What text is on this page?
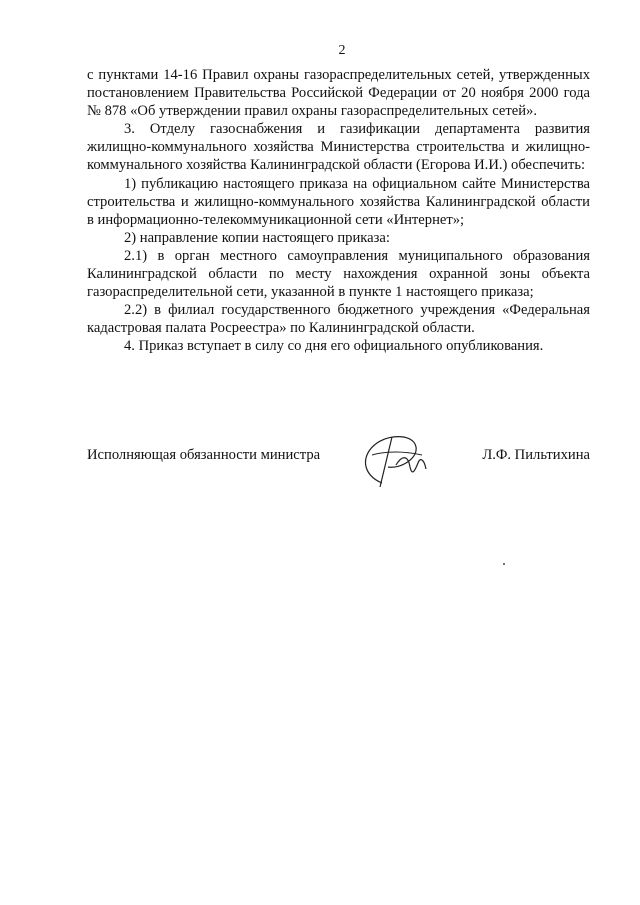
2

с пунктами 14-16 Правил охраны газораспределительных сетей, утвержденных постановлением Правительства Российской Федерации от 20 ноября 2000 года № 878 «Об утверждении правил охраны газораспределительных сетей».

3. Отделу газоснабжения и газификации департамента развития жилищно-коммунального хозяйства Министерства строительства и жилищно-коммунального хозяйства Калининградской области (Егорова И.И.) обеспечить:

1) публикацию настоящего приказа на официальном сайте Министерства строительства и жилищно-коммунального хозяйства Калининградской области в информационно-телекоммуникационной сети «Интернет»;

2) направление копии настоящего приказа:

2.1) в орган местного самоуправления муниципального образования Калининградской области по месту нахождения охранной зоны объекта газораспределительной сети, указанной в пункте 1 настоящего приказа;

2.2) в филиал государственного бюджетного учреждения «Федеральная кадастровая палата Росреестра» по Калининградской области.

4. Приказ вступает в силу со дня его официального опубликования.

Исполняющая обязанности министра	Л.Ф. Пильтихина
